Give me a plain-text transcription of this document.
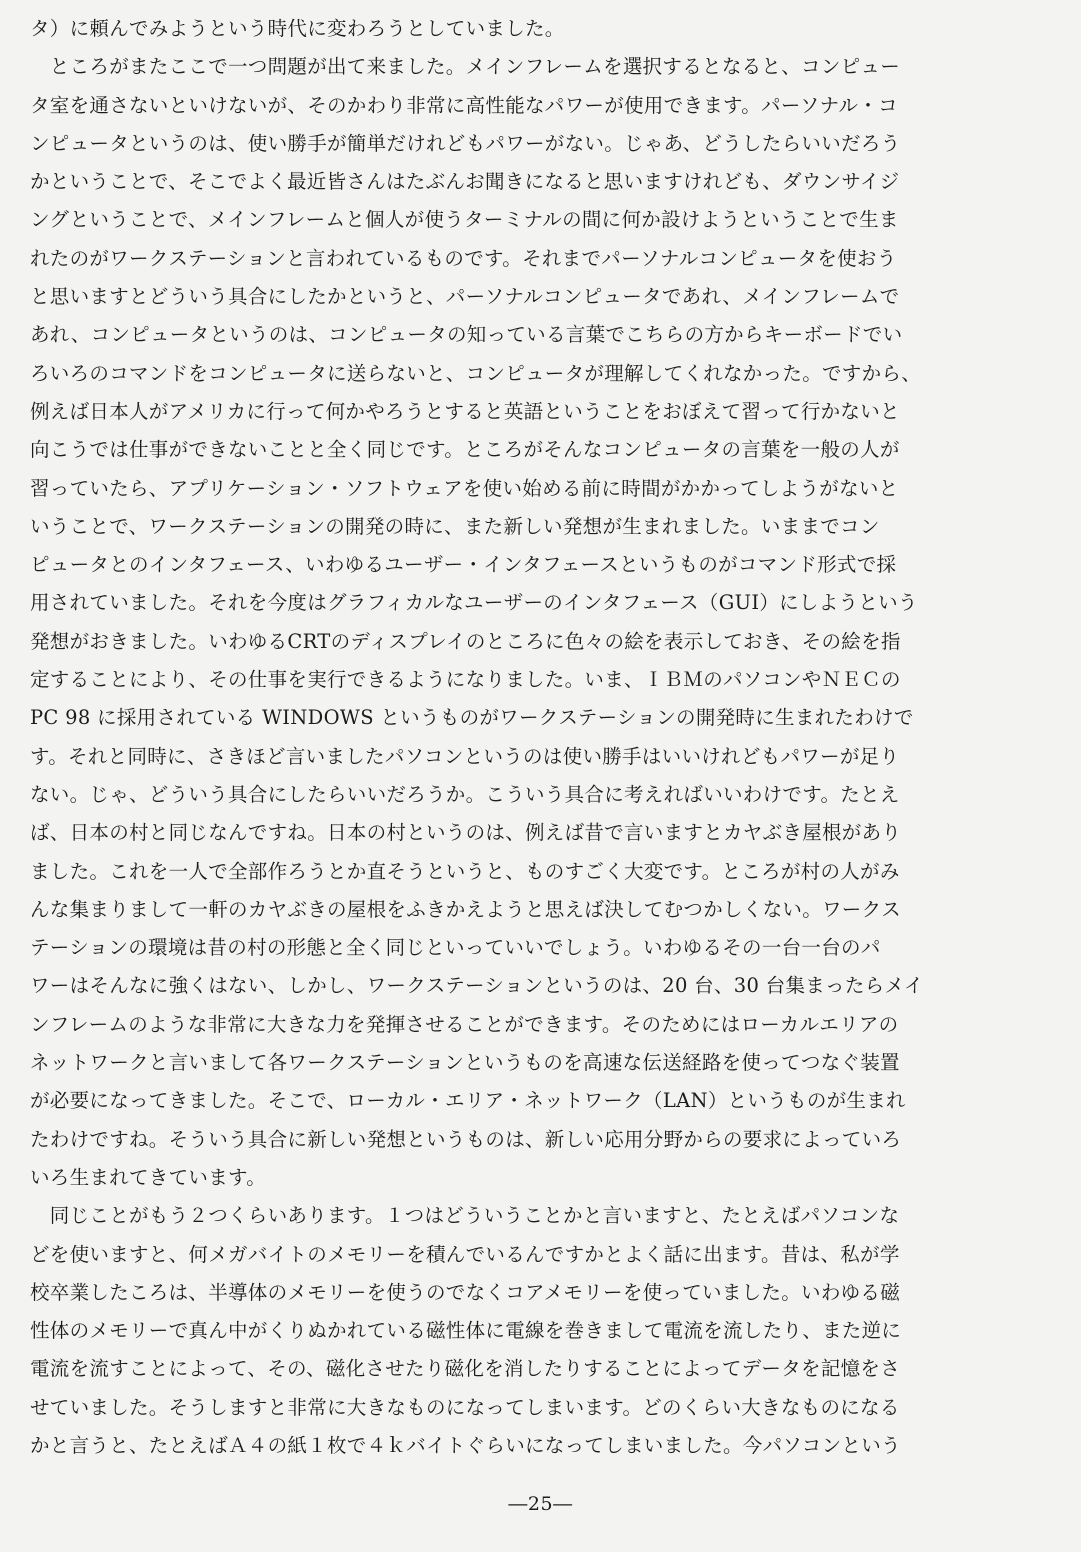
タ）に頼んでみようという時代に変わろうとしていました。
　ところがまたここで一つ問題が出て来ました。メインフレームを選択するとなると、コンピュー
タ室を通さないといけないが、そのかわり非常に高性能なパワーが使用できます。パーソナル・コ
ンピュータというのは、使い勝手が簡単だけれどもパワーがない。じゃあ、どうしたらいいだろう
かということで、そこでよく最近皆さんはたぶんお聞きになると思いますけれども、ダウンサイジ
ングということで、メインフレームと個人が使うターミナルの間に何か設けようということで生ま
れたのがワークステーションと言われているものです。それまでパーソナルコンピュータを使おう
と思いますとどういう具合にしたかというと、パーソナルコンピュータであれ、メインフレームで
あれ、コンピュータというのは、コンピュータの知っている言葉でこちらの方からキーボードでい
ろいろのコマンドをコンピュータに送らないと、コンピュータが理解してくれなかった。ですから、
例えば日本人がアメリカに行って何かやろうとすると英語ということをおぼえて習って行かないと
向こうでは仕事ができないことと全く同じです。ところがそんなコンピュータの言葉を一般の人が
習っていたら、アプリケーション・ソフトウェアを使い始める前に時間がかかってしようがないと
いうことで、ワークステーションの開発の時に、また新しい発想が生まれました。いままでコン
ピュータとのインタフェース、いわゆるユーザー・インタフェースというものがコマンド形式で採
用されていました。それを今度はグラフィカルなユーザーのインタフェース（GUI）にしようという
発想がおきました。いわゆるCRTのディスプレイのところに色々の絵を表示しておき、その絵を指
定することにより、その仕事を実行できるようになりました。いま、ＩＢＭのパソコンやＮＥＣの
PC 98 に採用されている WINDOWS というものがワークステーションの開発時に生まれたわけで
す。それと同時に、さきほど言いましたパソコンというのは使い勝手はいいけれどもパワーが足り
ない。じゃ、どういう具合にしたらいいだろうか。こういう具合に考えればいいわけです。たとえ
ば、日本の村と同じなんですね。日本の村というのは、例えば昔で言いますとカヤぶき屋根があり
ました。これを一人で全部作ろうとか直そうというと、ものすごく大変です。ところが村の人がみ
んな集まりまして一軒のカヤぶきの屋根をふきかえようと思えば決してむつかしくない。ワークス
テーションの環境は昔の村の形態と全く同じといっていいでしょう。いわゆるその一台一台のパ
ワーはそんなに強くはない、しかし、ワークステーションというのは、20 台、30 台集まったらメイ
ンフレームのような非常に大きな力を発揮させることができます。そのためにはローカルエリアの
ネットワークと言いまして各ワークステーションというものを高速な伝送経路を使ってつなぐ装置
が必要になってきました。そこで、ローカル・エリア・ネットワーク（LAN）というものが生まれ
たわけですね。そういう具合に新しい発想というものは、新しい応用分野からの要求によっていろ
いろ生まれてきています。
　同じことがもう２つくらいあります。１つはどういうことかと言いますと、たとえばパソコンな
どを使いますと、何メガバイトのメモリーを積んでいるんですかとよく話に出ます。昔は、私が学
校卒業したころは、半導体のメモリーを使うのでなくコアメモリーを使っていました。いわゆる磁
性体のメモリーで真ん中がくりぬかれている磁性体に電線を巻きまして電流を流したり、また逆に
電流を流すことによって、その、磁化させたり磁化を消したりすることによってデータを記憶をさ
せていました。そうしますと非常に大きなものになってしまいます。どのくらい大きなものになる
かと言うと、たとえばＡ４の紙１枚で４ｋバイトぐらいになってしまいました。今パソコンという
―25―
